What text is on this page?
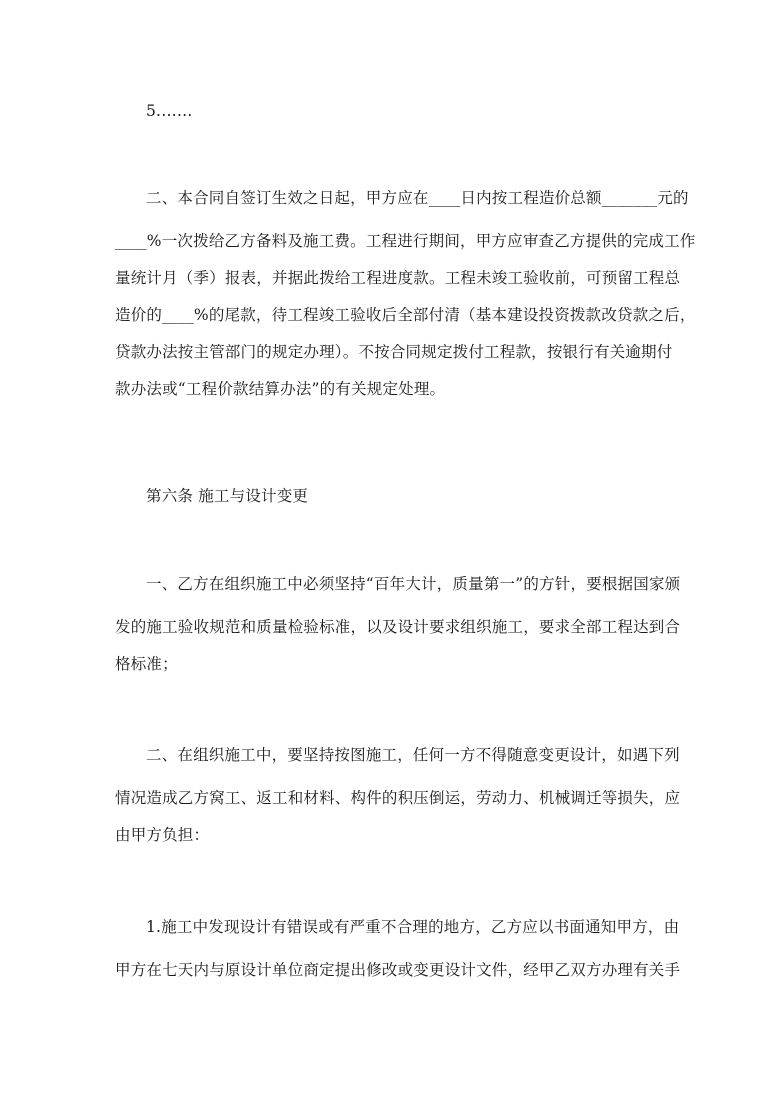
5.……

二、本合同自签订生效之日起，甲方应在____日内按工程造价总额_______元的

____%一次拨给乙方备料及施工费。工程进行期间，甲方应审查乙方提供的完成工作
量统计月（季）报表，并据此拨给工程进度款。工程未竣工验收前，可预留工程总
造价的____%的尾款，待工程竣工验收后全部付清（基本建设投资拨款改贷款之后，
贷款办法按主管部门的规定办理）。不按合同规定拨付工程款，按银行有关逾期付
款办法或“工程价款结算办法”的有关规定处理。

第六条 施工与设计变更

一、乙方在组织施工中必须坚持“百年大计，质量第一”的方针，要根据国家颁

发的施工验收规范和质量检验标准，以及设计要求组织施工，要求全部工程达到合
格标准；

二、在组织施工中，要坚持按图施工，任何一方不得随意变更设计，如遇下列

情况造成乙方窝工、返工和材料、构件的积压倒运，劳动力、机械调迁等损失，应
由甲方负担：

1.施工中发现设计有错误或有严重不合理的地方，乙方应以书面通知甲方，由

甲方在七天内与原设计单位商定提出修改或变更设计文件，经甲乙双方办理有关手
